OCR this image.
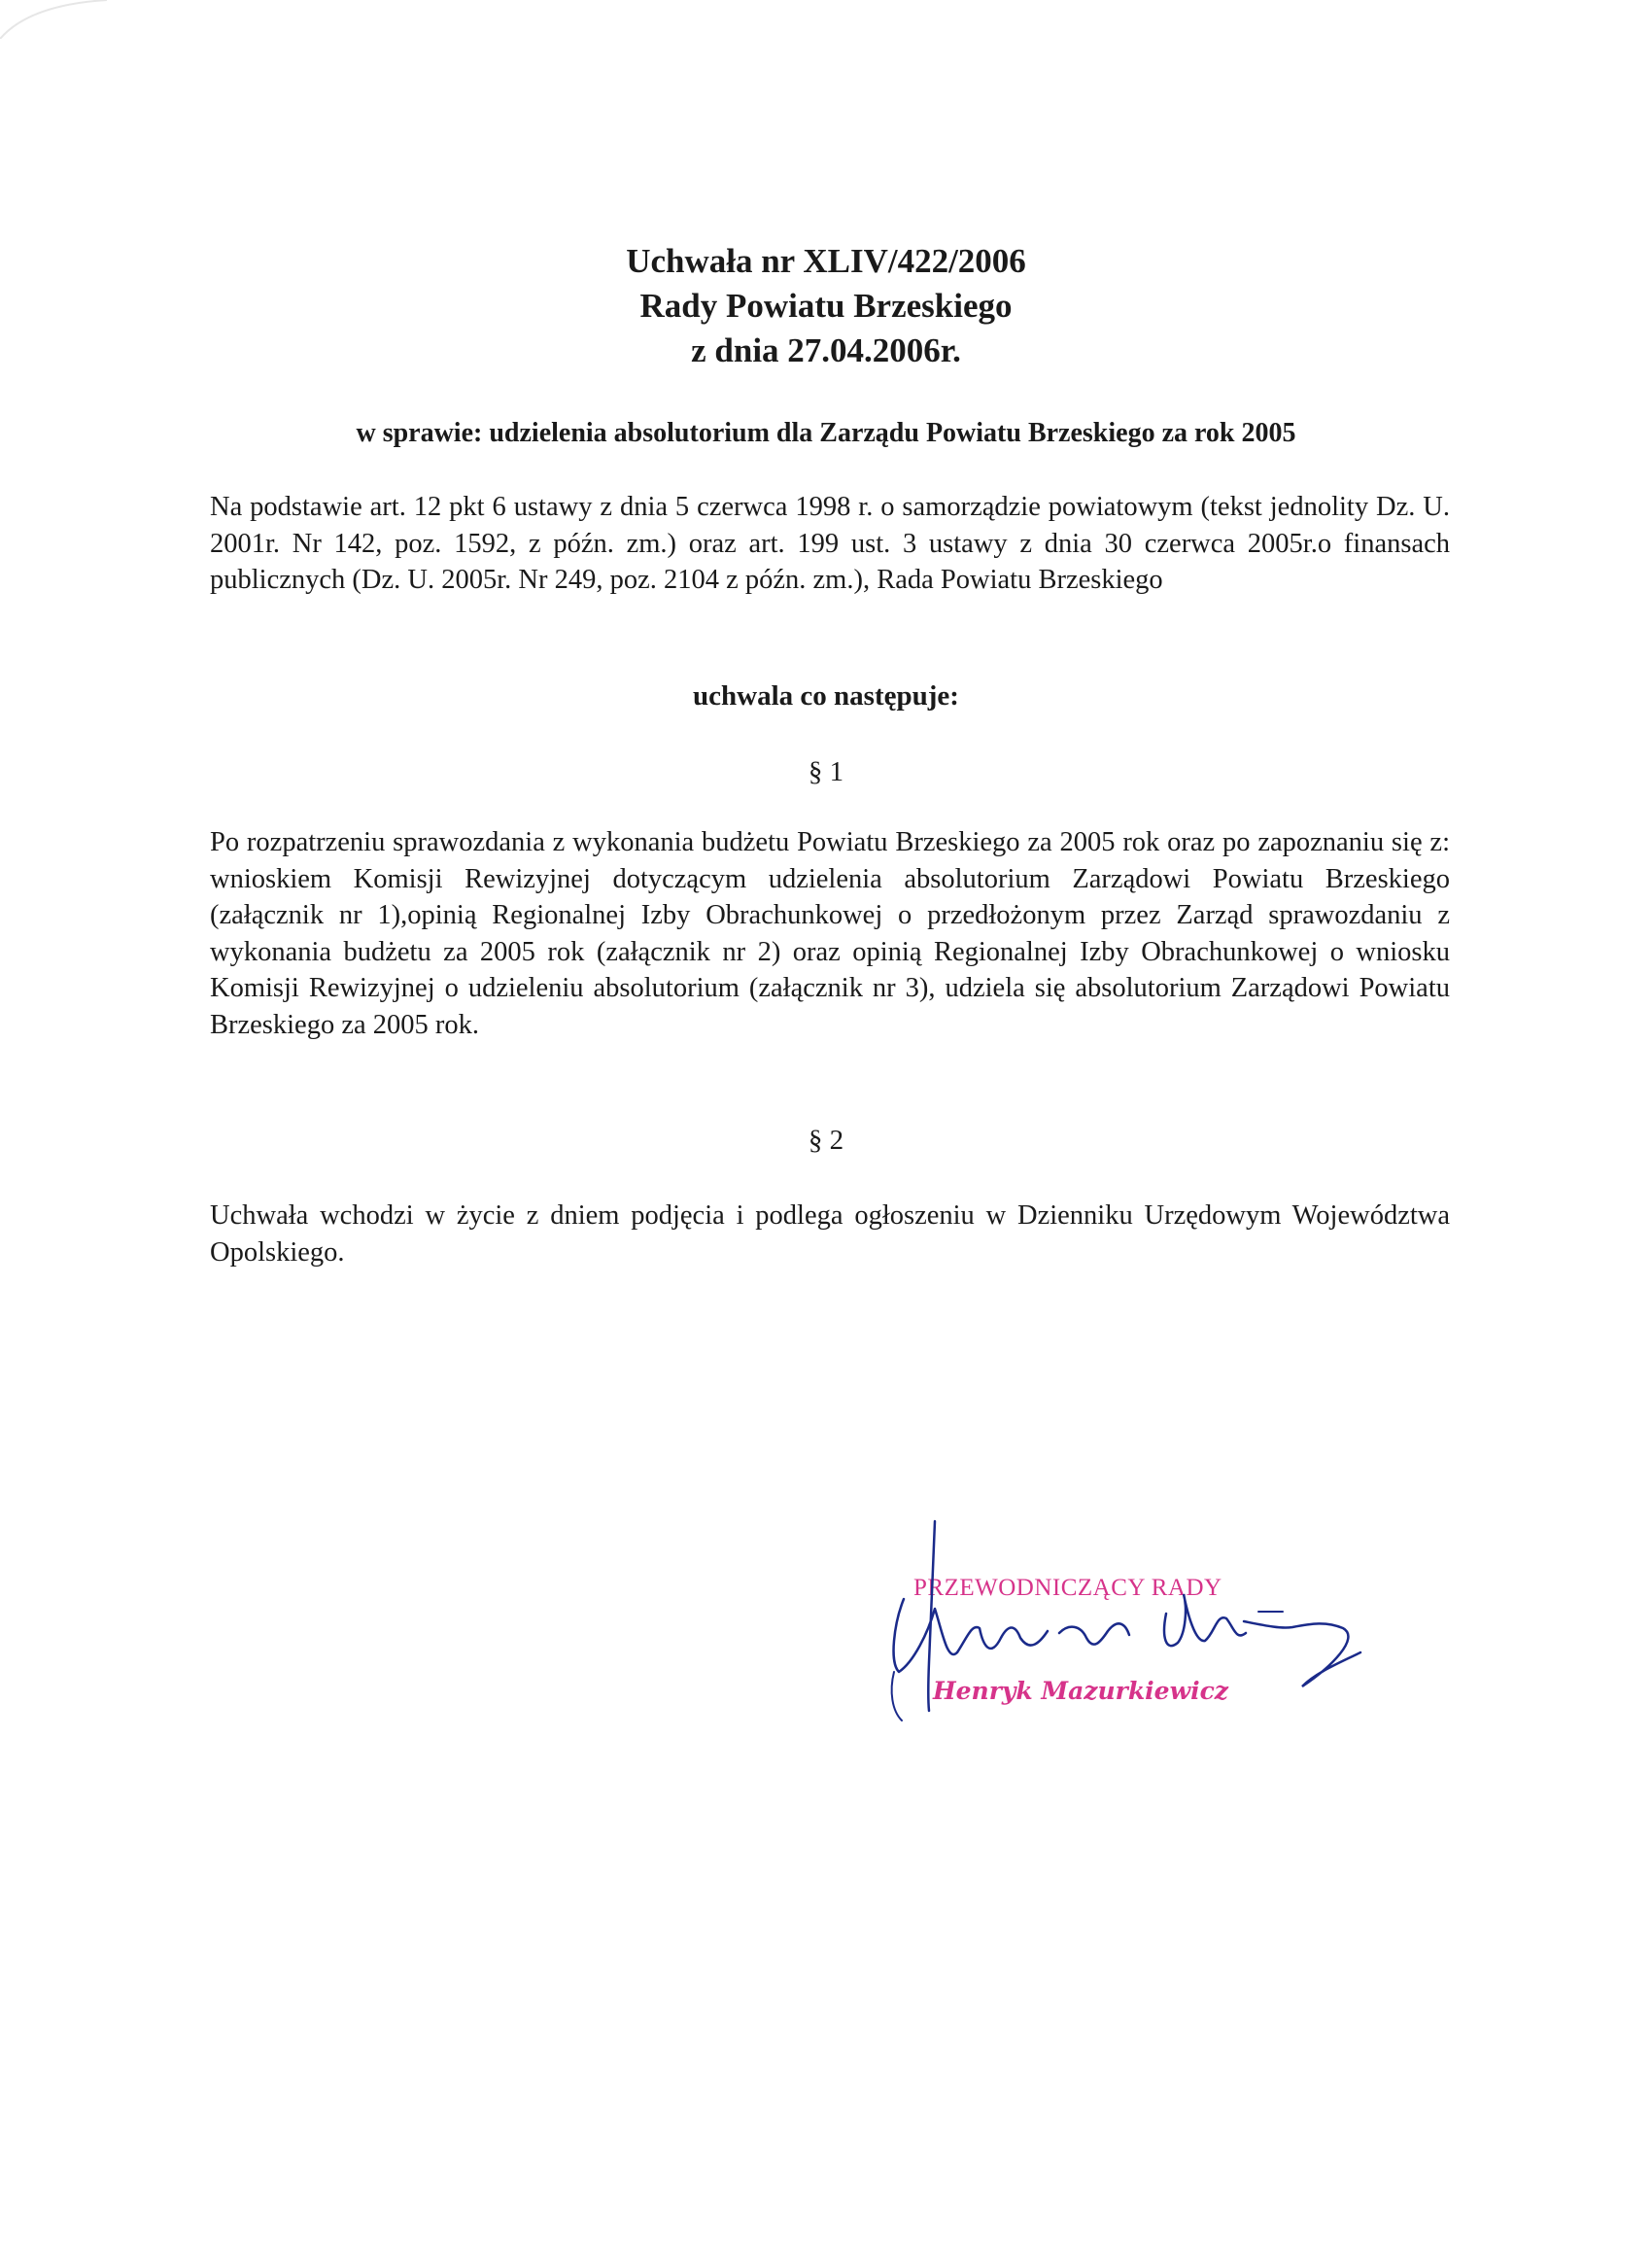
Uchwała nr XLIV/422/2006
Rady Powiatu Brzeskiego
z dnia 27.04.2006r.
w sprawie: udzielenia absolutorium dla Zarządu Powiatu Brzeskiego za rok 2005
Na podstawie art. 12 pkt 6 ustawy z dnia 5 czerwca 1998 r. o samorządzie powiatowym (tekst jednolity Dz. U. 2001r. Nr 142, poz. 1592, z późn. zm.) oraz art. 199 ust. 3 ustawy z dnia 30 czerwca 2005r.o finansach publicznych (Dz. U. 2005r. Nr 249, poz. 2104 z późn. zm.), Rada Powiatu Brzeskiego
uchwala co następuje:
§ 1
Po rozpatrzeniu sprawozdania z wykonania budżetu Powiatu Brzeskiego za 2005 rok oraz po zapoznaniu się z: wnioskiem Komisji Rewizyjnej dotyczącym udzielenia absolutorium Zarządowi Powiatu Brzeskiego (załącznik nr 1),opinią Regionalnej Izby Obrachunkowej o przedłożonym przez Zarząd sprawozdaniu z wykonania budżetu za 2005 rok (załącznik nr 2) oraz opinią Regionalnej Izby Obrachunkowej o wniosku Komisji Rewizyjnej o udzieleniu absolutorium (załącznik nr 3), udziela się absolutorium Zarządowi Powiatu Brzeskiego za 2005 rok.
§ 2
Uchwała wchodzi w życie z dniem podjęcia i podlega ogłoszeniu w Dzienniku Urzędowym Województwa Opolskiego.
PRZEWODNICZĄCY RADY
Henryk Mazurkiewicz
